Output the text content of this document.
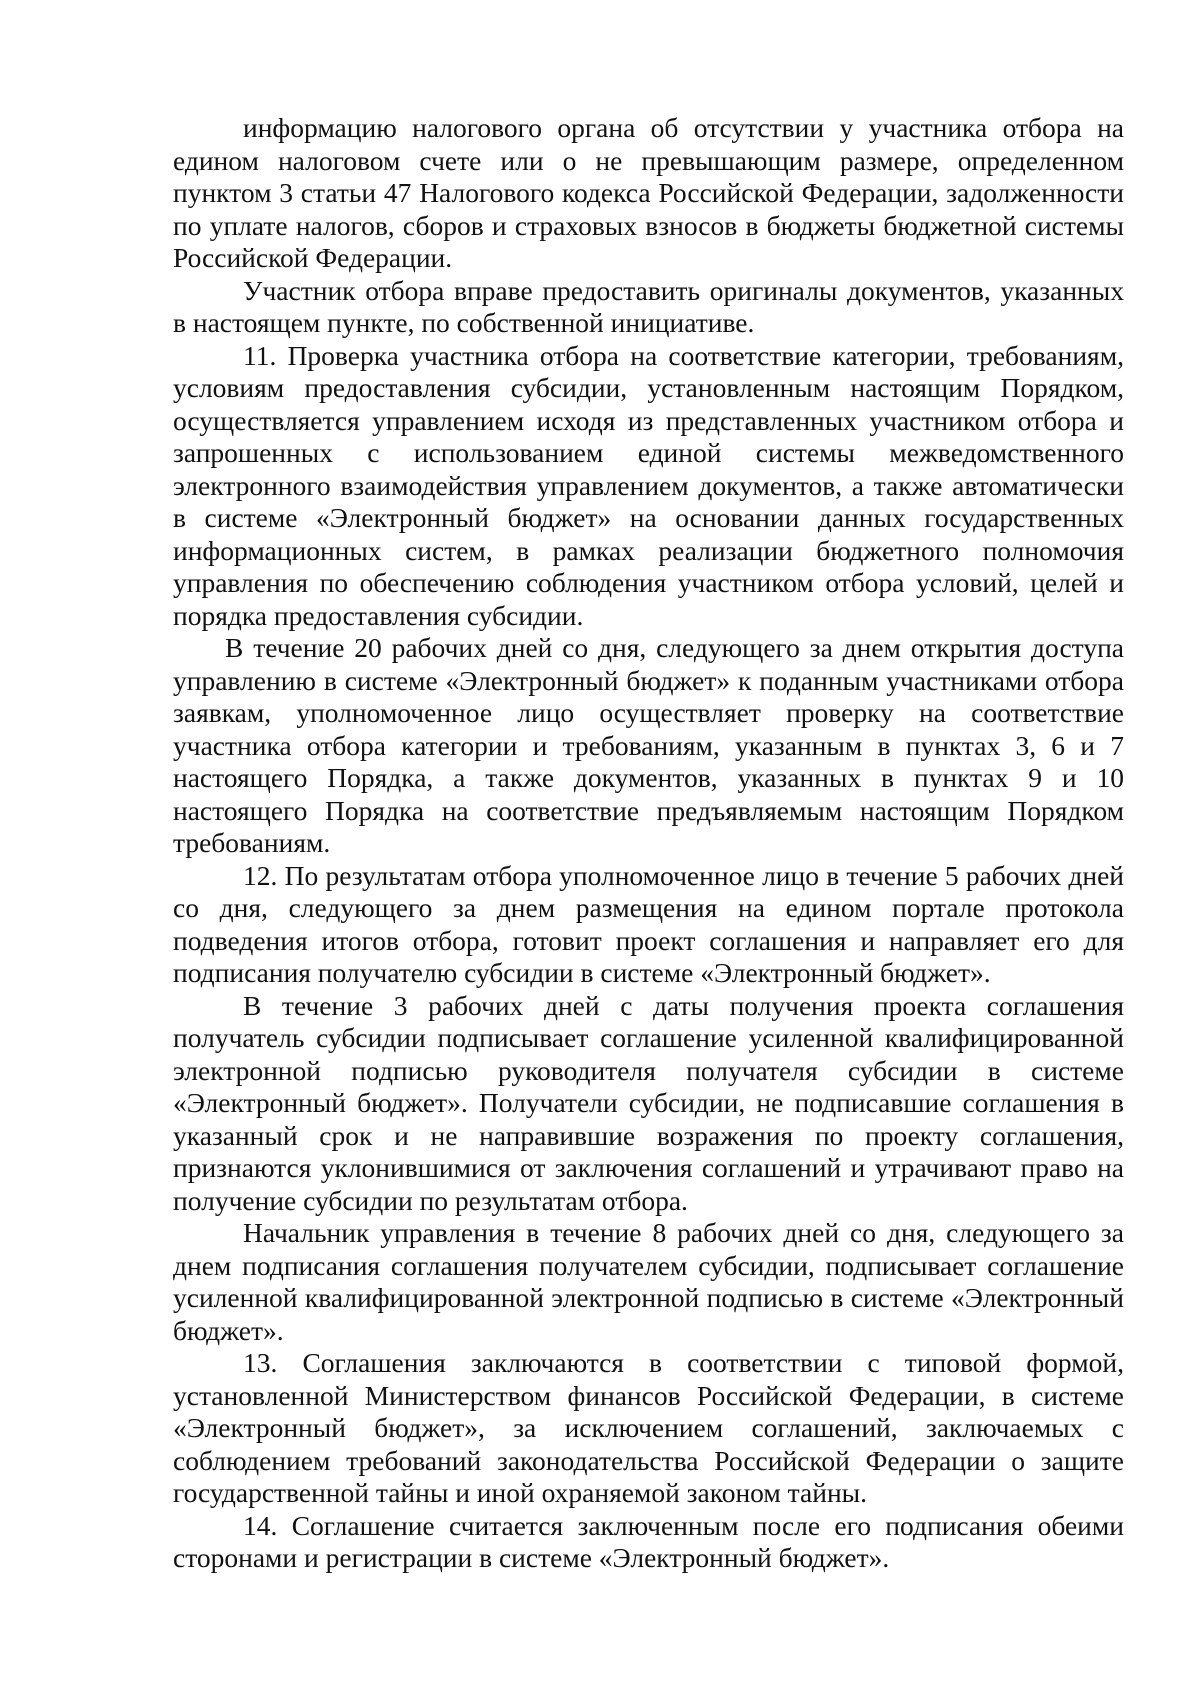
информацию налогового органа об отсутствии у участника отбора на едином налоговом счете или о не превышающим размере, определенном пунктом 3 статьи 47 Налогового кодекса Российской Федерации, задолженности по уплате налогов, сборов и страховых взносов в бюджеты бюджетной системы Российской Федерации.

Участник отбора вправе предоставить оригиналы документов, указанных в настоящем пункте, по собственной инициативе.

11. Проверка участника отбора на соответствие категории, требованиям, условиям предоставления субсидии, установленным настоящим Порядком, осуществляется управлением исходя из представленных участником отбора и запрошенных с использованием единой системы межведомственного электронного взаимодействия управлением документов, а также автоматически в системе «Электронный бюджет» на основании данных государственных информационных систем, в рамках реализации бюджетного полномочия управления по обеспечению соблюдения участником отбора условий, целей и порядка предоставления субсидии.

В течение 20 рабочих дней со дня, следующего за днем открытия доступа управлению в системе «Электронный бюджет» к поданным участниками отбора заявкам, уполномоченное лицо осуществляет проверку на соответствие участника отбора категории и требованиям, указанным в пунктах 3, 6 и 7 настоящего Порядка, а также документов, указанных в пунктах 9 и 10 настоящего Порядка на соответствие предъявляемым настоящим Порядком требованиям.

12. По результатам отбора уполномоченное лицо в течение 5 рабочих дней со дня, следующего за днем размещения на едином портале протокола подведения итогов отбора, готовит проект соглашения и направляет его для подписания получателю субсидии в системе «Электронный бюджет».

В течение 3 рабочих дней с даты получения проекта соглашения получатель субсидии подписывает соглашение усиленной квалифицированной электронной подписью руководителя получателя субсидии в системе «Электронный бюджет». Получатели субсидии, не подписавшие соглашения в указанный срок и не направившие возражения по проекту соглашения, признаются уклонившимися от заключения соглашений и утрачивают право на получение субсидии по результатам отбора.

Начальник управления в течение 8 рабочих дней со дня, следующего за днем подписания соглашения получателем субсидии, подписывает соглашение усиленной квалифицированной электронной подписью в системе «Электронный бюджет».

13. Соглашения заключаются в соответствии с типовой формой, установленной Министерством финансов Российской Федерации, в системе «Электронный бюджет», за исключением соглашений, заключаемых с соблюдением требований законодательства Российской Федерации о защите государственной тайны и иной охраняемой законом тайны.

14. Соглашение считается заключенным после его подписания обеими сторонами и регистрации в системе «Электронный бюджет».
